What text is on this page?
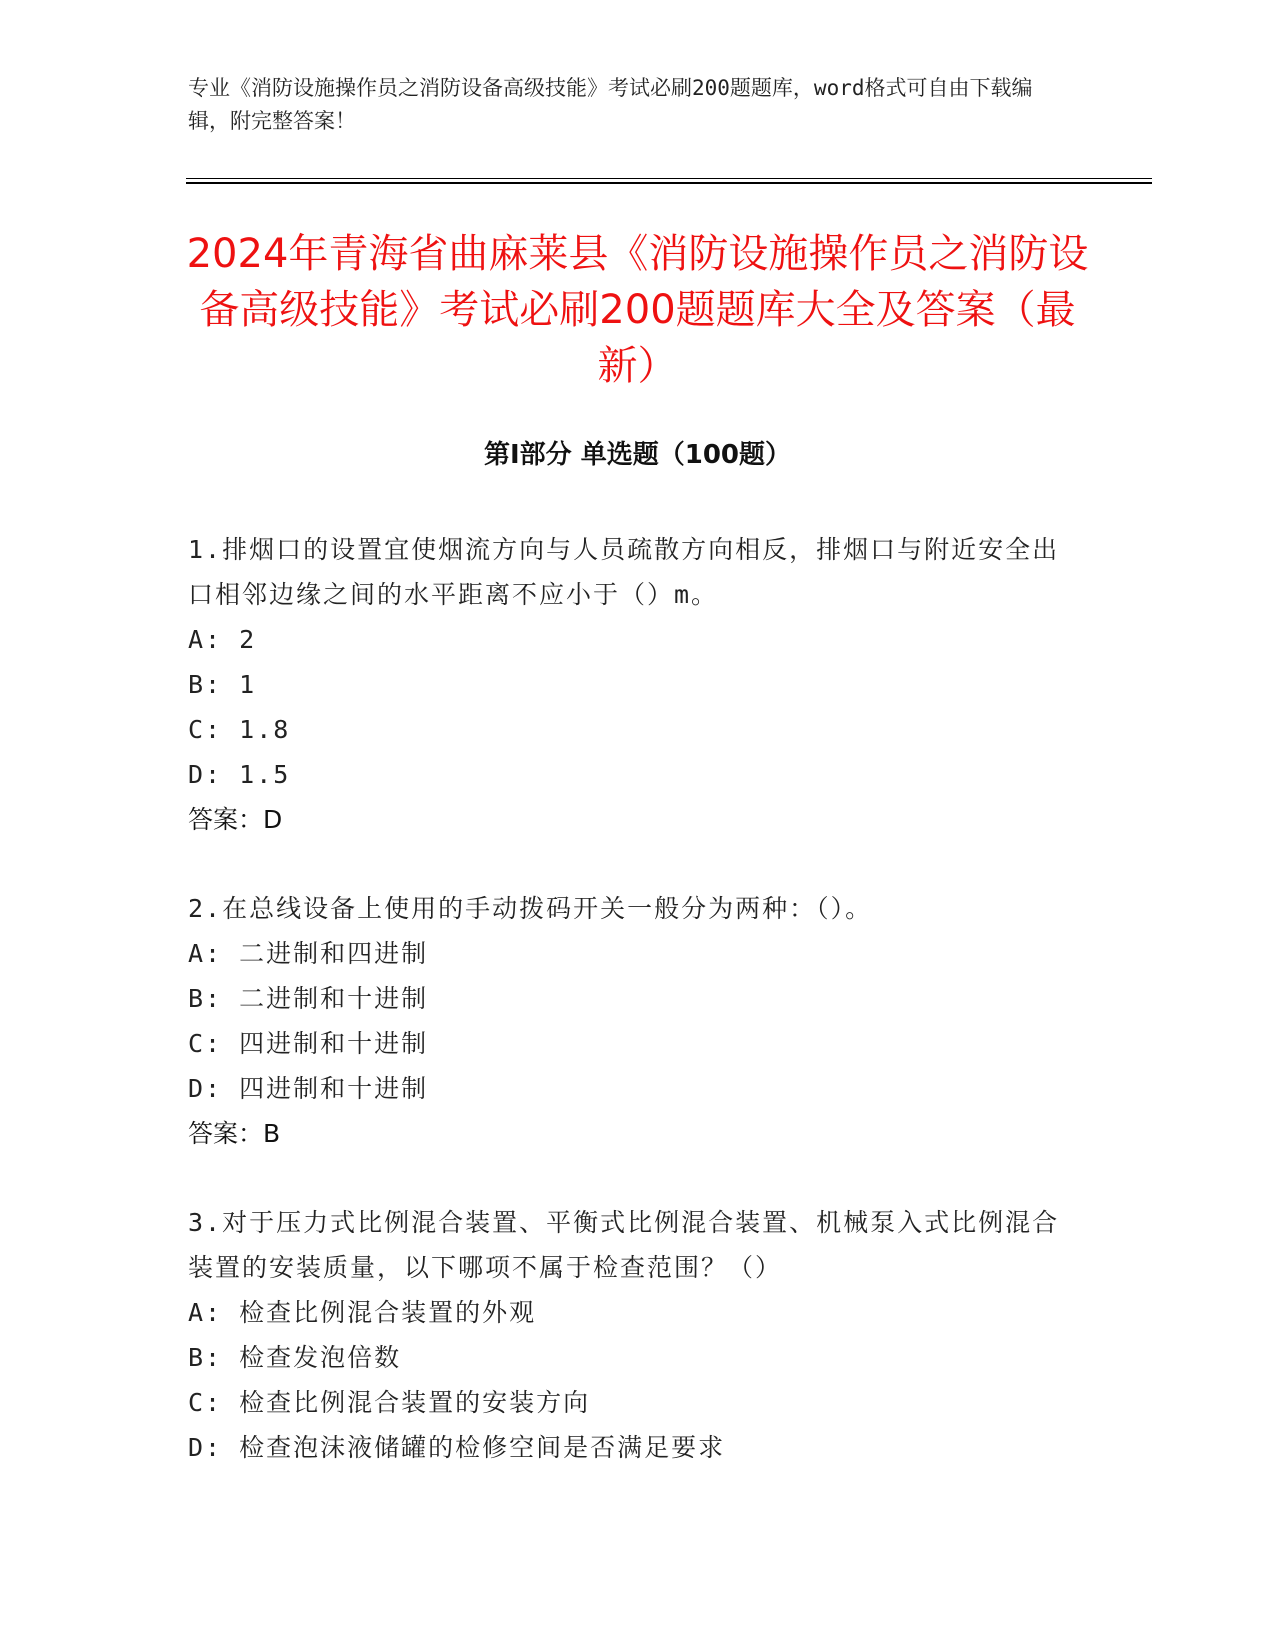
专业《消防设施操作员之消防设备高级技能》考试必刷200题题库，word格式可自由下载编辑，附完整答案！
2024年青海省曲麻莱县《消防设施操作员之消防设备高级技能》考试必刷200题题库大全及答案（最新）
第I部分 单选题（100题）

1.排烟口的设置宜使烟流方向与人员疏散方向相反，排烟口与附近安全出口相邻边缘之间的水平距离不应小于（）m。

A: 2

B: 1

C: 1.8

D: 1.5

答案：D

2.在总线设备上使用的手动拨码开关一般分为两种：（）。

A: 二进制和四进制

B: 二进制和十进制

C: 四进制和十进制

D: 四进制和十进制

答案：B

3.对于压力式比例混合装置、平衡式比例混合装置、机械泵入式比例混合装置的安装质量，以下哪项不属于检查范围？（）

A: 检查比例混合装置的外观

B: 检查发泡倍数

C: 检查比例混合装置的安装方向

D: 检查泡沫液储罐的检修空间是否满足要求
